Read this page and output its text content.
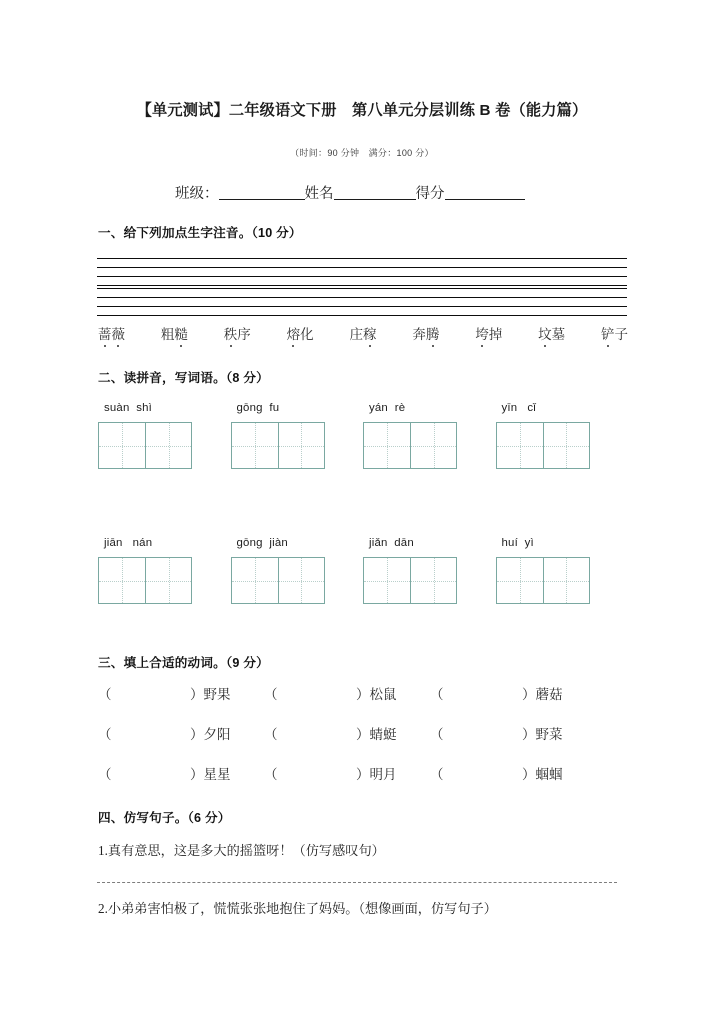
【单元测试】二年级语文下册　第八单元分层训练 B 卷（能力篇）
（时间：90 分钟　满分：100 分）
班级：	姓名	得分
一、给下列加点生字注音。（10 分）
蔷 薇	粗 糙	秩 序	熔 化	庄 稼	奔 腾	垮 掉	坟 墓	铲 子
二、读拼音，写词语。（8 分）
suàn  shì	gōng  fu	yán  rè	yīn   cǐ
jiān   nán	gōng  jiàn	jiǎn  dān	huí  yì
三、填上合适的动词。（9 分）
（	）野果	（	）松鼠	（	）蘑菇
（	）夕阳	（	）蜻蜓	（	）野菜
（	）星星	（	）明月	（	）蝈蝈
四、仿写句子。（6 分）
1.真有意思，这是多大的摇篮呀！（仿写感叹句）
2.小弟弟害怕极了，慌慌张张地抱住了妈妈。（想像画面，仿写句子）
